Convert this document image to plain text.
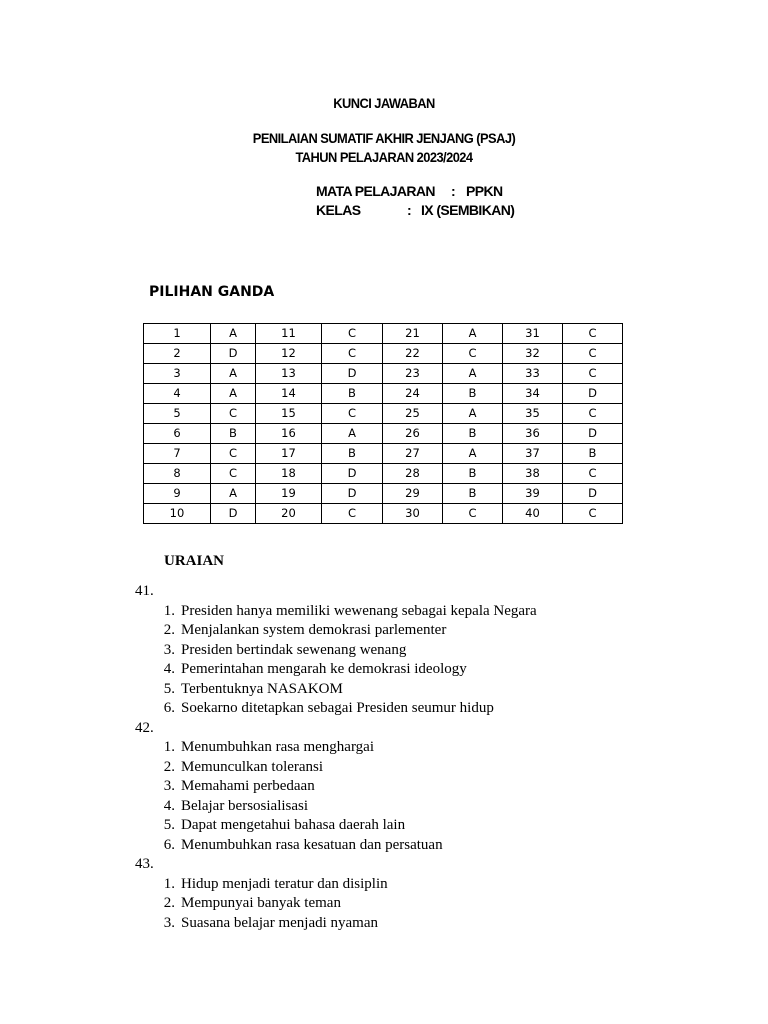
KUNCI JAWABAN
PENILAIAN SUMATIF AKHIR JENJANG (PSAJ)
TAHUN PELAJARAN 2023/2024
MATA PELAJARAN : PPKN
KELAS	: IX (SEMBIKAN)
PILIHAN GANDA
1	A	11	C	21	A	31	C
2	D	12	C	22	C	32	C
3	A	13	D	23	A	33	C
4	A	14	B	24	B	34	D
5	C	15	C	25	A	35	C
6	B	16	A	26	B	36	D
7	C	17	B	27	A	37	B
8	C	18	D	28	B	38	C
9	A	19	D	29	B	39	D
10	D	20	C	30	C	40	C
URAIAN
41.
1. Presiden hanya memiliki wewenang sebagai kepala Negara
2. Menjalankan system demokrasi parlementer
3. Presiden bertindak sewenang wenang
4. Pemerintahan mengarah ke demokrasi ideology
5. Terbentuknya NASAKOM
6. Soekarno ditetapkan sebagai Presiden seumur hidup
42.
1. Menumbuhkan rasa menghargai
2. Memunculkan toleransi
3. Memahami perbedaan
4. Belajar bersosialisasi
5. Dapat mengetahui bahasa daerah lain
6. Menumbuhkan rasa kesatuan dan persatuan
43.
1. Hidup menjadi teratur dan disiplin
2. Mempunyai banyak teman
3. Suasana belajar menjadi nyaman
